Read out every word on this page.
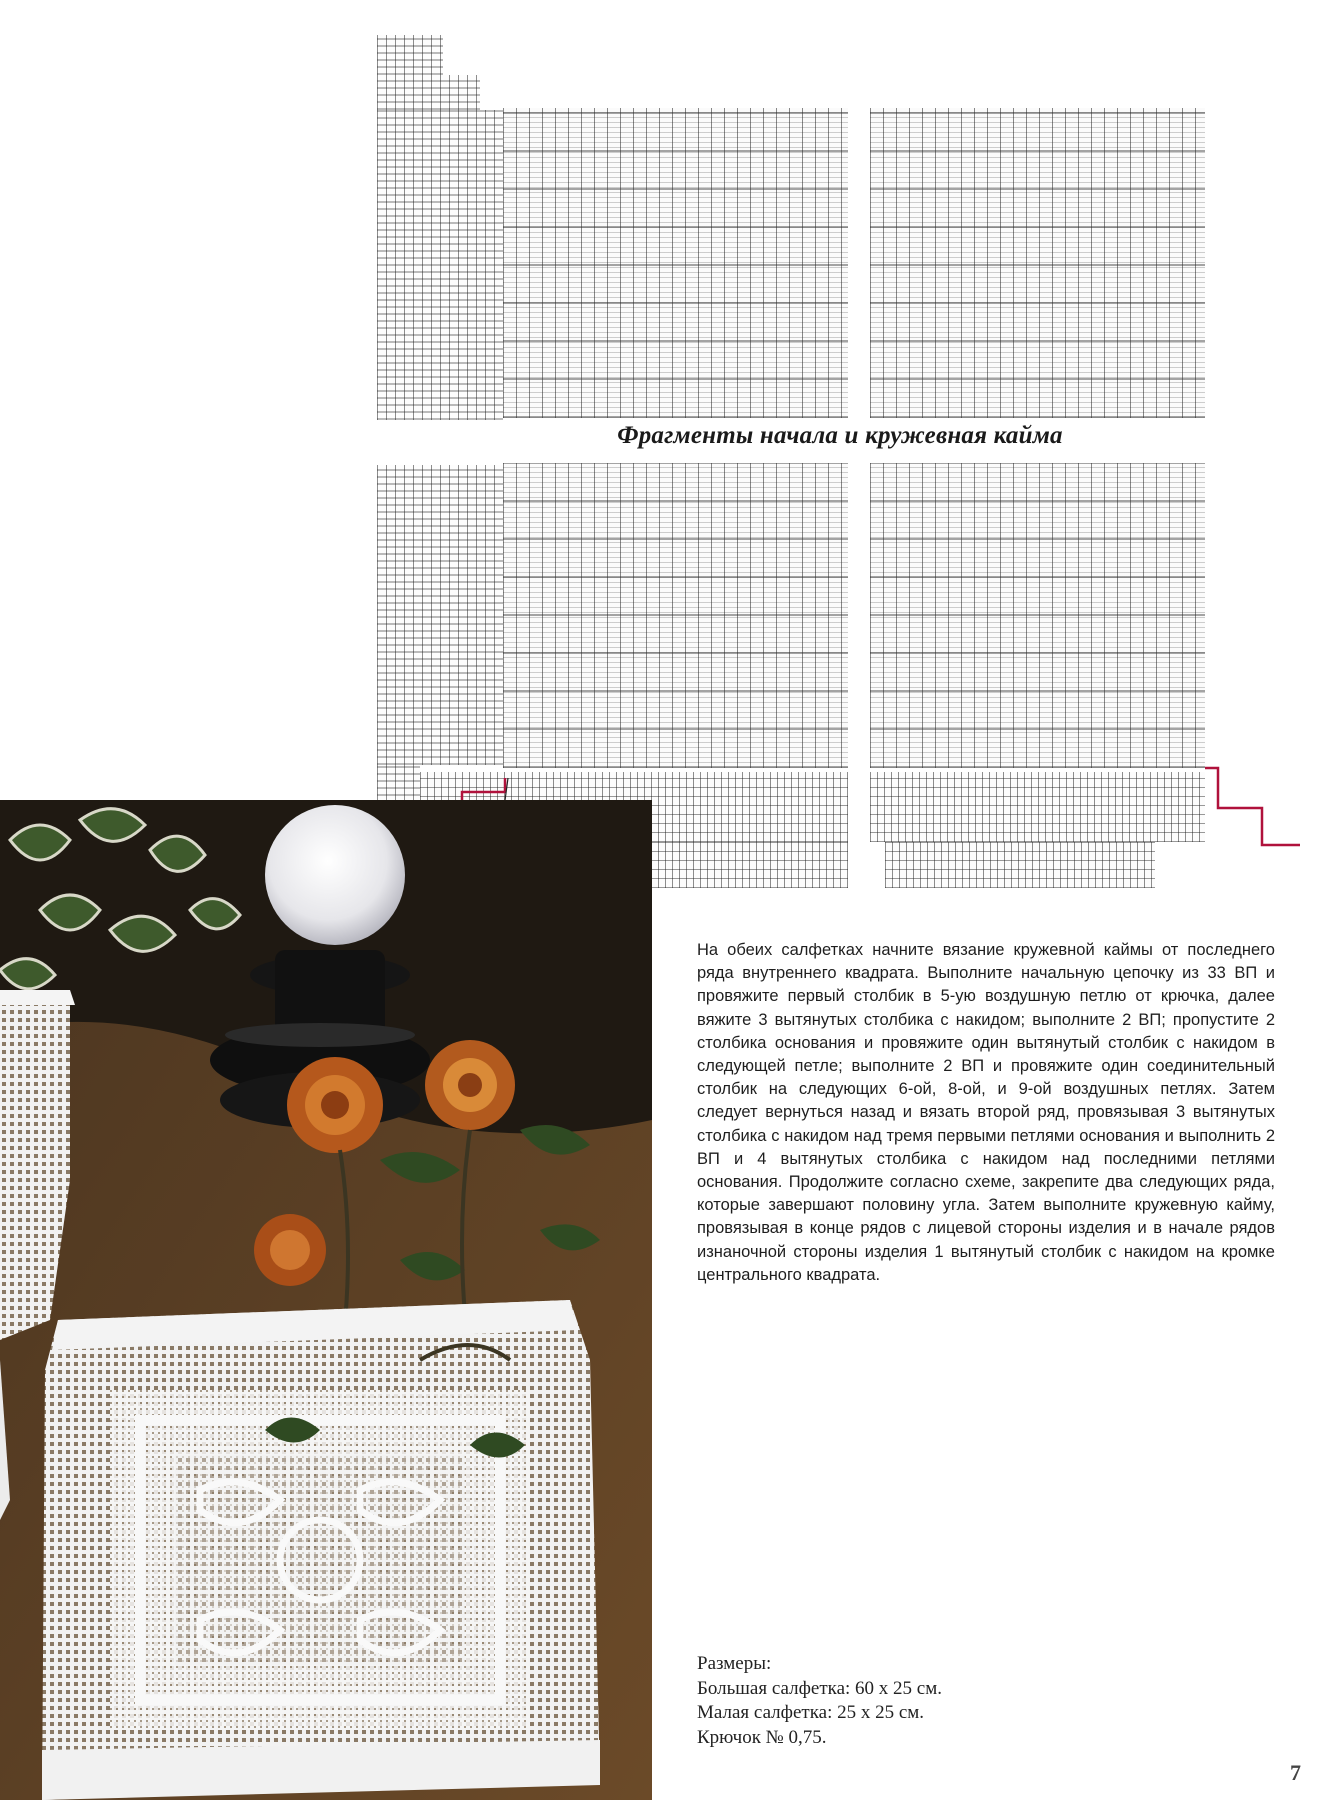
Фрагменты начала и кружевная кайма
На обеих салфетках начните вязание кружевной каймы от последнего ряда внутреннего квадрата. Выполните начальную цепочку из 33 ВП и провяжите первый столбик в 5-ую воздушную петлю от крючка, далее вяжите 3 вытянутых столбика с накидом; выполните 2 ВП; пропустите 2 столбика основания и провяжите один вытянутый столбик с накидом в следующей петле; выполните 2 ВП и провяжите один соединительный столбик на следующих 6-ой, 8-ой, и 9-ой воздушных петлях. Затем следует вернуться назад и вязать второй ряд, провязывая 3 вытянутых столбика с накидом над тремя первыми петлями основания и выполнить 2 ВП и 4 вытянутых столбика с накидом над последними петлями основания. Продолжите согласно схеме, закрепите два следующих ряда, которые завершают половину угла. Затем выполните кружевную кайму, провязывая в конце рядов с лицевой стороны изделия и в начале рядов изнаночной стороны изделия 1 вытянутый столбик с накидом на кромке центрального квадрата.
Размеры:
Большая салфетка: 60 х 25 см.
Малая салфетка: 25 х 25 см.
Крючок № 0,75.
7
